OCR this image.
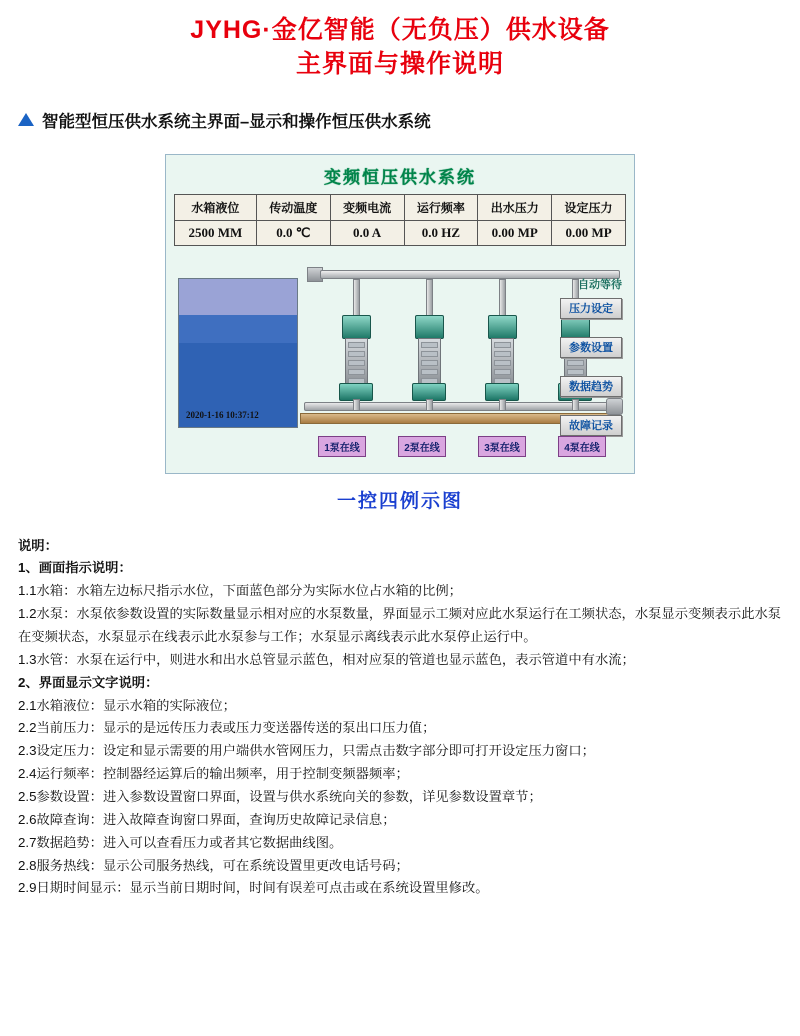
JYHG·金亿智能（无负压）供水设备
主界面与操作说明
智能型恒压供水系统主界面–显示和操作恒压供水系统
变频恒压供水系统
水箱液位	传动温度	变频电流	运行频率	出水压力	设定压力
2500 MM	0.0 ℃	0.0 A	0.0 HZ	0.00 MP	0.00 MP
2020-1-16 10:37:12
自动等待
压力设定
参数设置
数据趋势
故障记录
1泵在线	2泵在线	3泵在线	4泵在线
一控四例示图

说明：

1、画面指示说明：

1.1水箱：水箱左边标尺指示水位，下面蓝色部分为实际水位占水箱的比例；

1.2水泵：水泵依参数设置的实际数量显示相对应的水泵数量，界面显示工频对应此水泵运行在工频状态，水泵显示变频表示此水泵在变频状态，水泵显示在线表示此水泵参与工作；水泵显示离线表示此水泵停止运行中。

1.3水管：水泵在运行中，则进水和出水总管显示蓝色，相对应泵的管道也显示蓝色，表示管道中有水流；

2、界面显示文字说明：

2.1水箱液位：显示水箱的实际液位；

2.2当前压力：显示的是远传压力表或压力变送器传送的泵出口压力值；

2.3设定压力：设定和显示需要的用户端供水管网压力，只需点击数字部分即可打开设定压力窗口；

2.4运行频率：控制器经运算后的输出频率，用于控制变频器频率；

2.5参数设置：进入参数设置窗口界面，设置与供水系统向关的参数，详见参数设置章节；

2.6故障查询：进入故障查询窗口界面，查询历史故障记录信息；

2.7数据趋势：进入可以查看压力或者其它数据曲线图。

2.8服务热线：显示公司服务热线，可在系统设置里更改电话号码；

2.9日期时间显示：显示当前日期时间，时间有误差可点击或在系统设置里修改。
